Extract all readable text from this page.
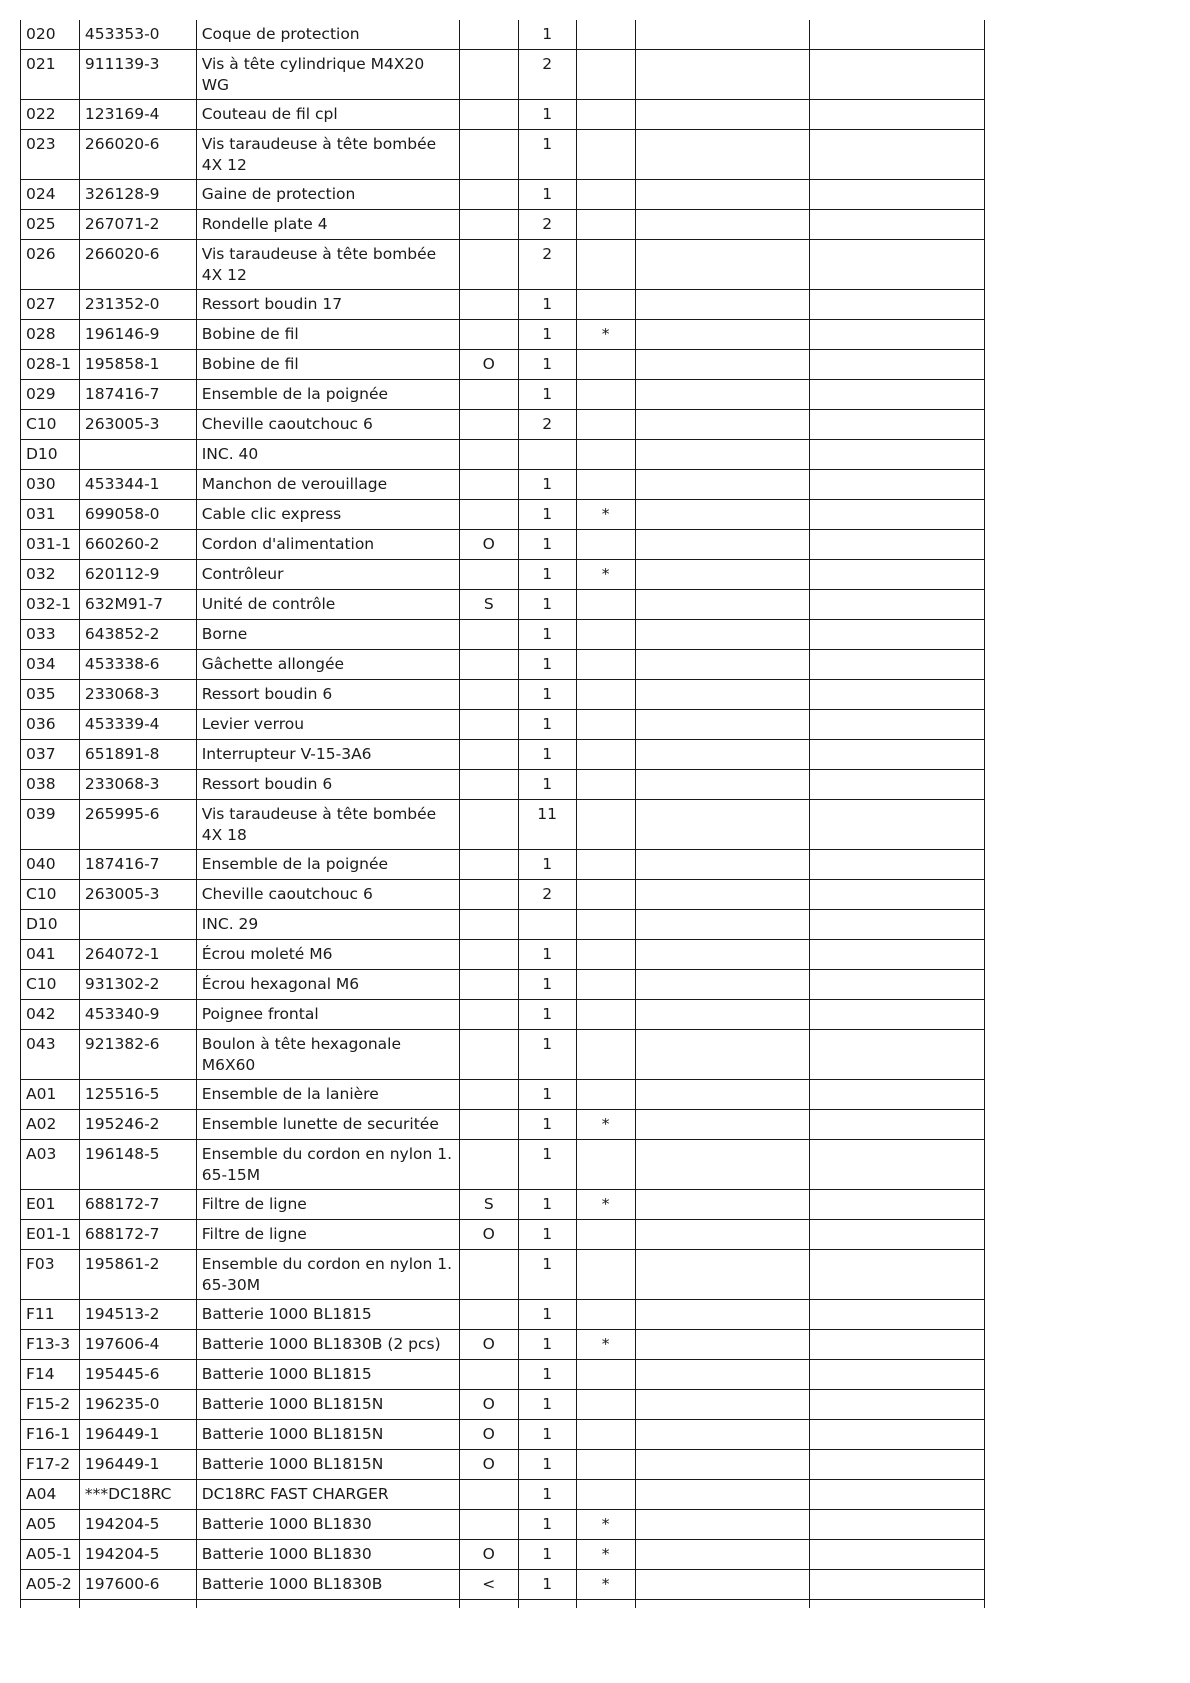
020	453353-0	Coque de protection		1			
021	911139-3	Vis à tête cylindrique M4X20 WG		2			
022	123169-4	Couteau de fil cpl		1			
023	266020-6	Vis taraudeuse à tête bombée 4X 12		1			
024	326128-9	Gaine de protection		1			
025	267071-2	Rondelle plate 4		2			
026	266020-6	Vis taraudeuse à tête bombée 4X 12		2			
027	231352-0	Ressort boudin 17		1			
028	196146-9	Bobine de fil		1	*		
028-1	195858-1	Bobine de fil	O	1			
029	187416-7	Ensemble de la poignée		1			
C10	263005-3	Cheville caoutchouc 6		2			
D10		INC. 40					
030	453344-1	Manchon de verouillage		1			
031	699058-0	Cable clic express		1	*		
031-1	660260-2	Cordon d'alimentation	O	1			
032	620112-9	Contrôleur		1	*		
032-1	632M91-7	Unité de contrôle	S	1			
033	643852-2	Borne		1			
034	453338-6	Gâchette allongée		1			
035	233068-3	Ressort boudin 6		1			
036	453339-4	Levier verrou		1			
037	651891-8	Interrupteur V-15-3A6		1			
038	233068-3	Ressort boudin 6		1			
039	265995-6	Vis taraudeuse à tête bombée 4X 18		11			
040	187416-7	Ensemble de la poignée		1			
C10	263005-3	Cheville caoutchouc 6		2			
D10		INC. 29					
041	264072-1	Écrou moleté M6		1			
C10	931302-2	Écrou hexagonal M6		1			
042	453340-9	Poignee frontal		1			
043	921382-6	Boulon à tête hexagonale M6X60		1			
A01	125516-5	Ensemble de la lanière		1			
A02	195246-2	Ensemble lunette de securitée		1	*		
A03	196148-5	Ensemble du cordon en nylon 1. 65-15M		1			
E01	688172-7	Filtre de ligne	S	1	*		
E01-1	688172-7	Filtre de ligne	O	1			
F03	195861-2	Ensemble du cordon en nylon 1. 65-30M		1			
F11	194513-2	Batterie 1000 BL1815		1			
F13-3	197606-4	Batterie 1000 BL1830B (2 pcs)	O	1	*		
F14	195445-6	Batterie 1000 BL1815		1			
F15-2	196235-0	Batterie 1000 BL1815N	O	1			
F16-1	196449-1	Batterie 1000 BL1815N	O	1			
F17-2	196449-1	Batterie 1000 BL1815N	O	1			
A04	***DC18RC	DC18RC FAST CHARGER		1			
A05	194204-5	Batterie 1000 BL1830		1	*		
A05-1	194204-5	Batterie 1000 BL1830	O	1	*		
A05-2	197600-6	Batterie 1000 BL1830B	<	1	*		
